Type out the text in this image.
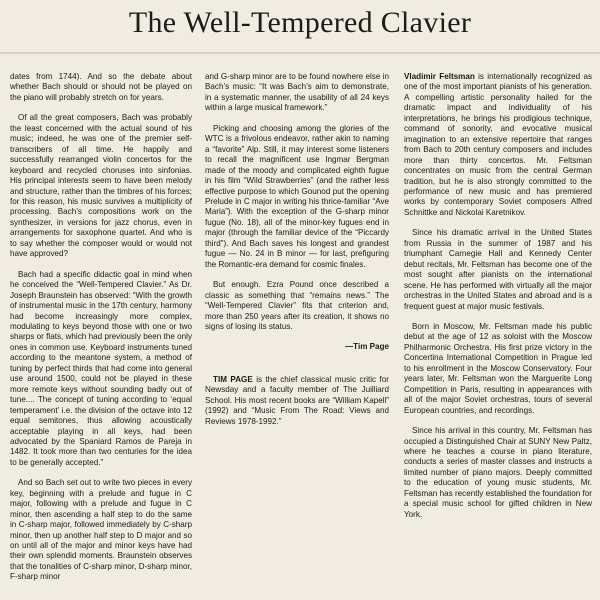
The Well-Tempered Clavier

dates from 1744). And so the debate about whether Bach should or should not be played on the piano will probably stretch on for years.

Of all the great composers, Bach was probably the least concerned with the actual sound of his music; indeed, he was one of the premier self-transcribers of all time. He happily and successfully rearranged violin concertos for the keyboard and recycled choruses into sinfonias. His principal interests seem to have been melody and structure, rather than the timbres of his forces; for this reason, his music survives a multiplicity of processing. Bach’s compositions work on the synthesizer, in versions for jazz chorus, even in arrangements for saxophone quartet. And who is to say whether the composer would or would not have approved?

Bach had a specific didactic goal in mind when he conceived the “Well-Tempered Clavier.” As Dr. Joseph Braunstein has observed: “With the growth of instrumental music in the 17th century, harmony had become increasingly more complex, modulating to keys beyond those with one or two sharps or flats, which had previously been the only ones in common use. Keyboard instruments tuned according to the meantone system, a method of tuning by perfect thirds that had come into general use around 1500, could not be played in these more remote keys without sounding badly out of tune.... The concept of tuning according to ‘equal temperament’ i.e. the division of the octave into 12 equal semitones, thus allowing acoustically acceptable playing in all keys, had been advocated by the Spaniard Ramos de Pareja in 1482. It took more than two centuries for the idea to be generally accepted.”

And so Bach set out to write two pieces in every key, beginning with a prelude and fugue in C major, following with a prelude and fugue in C minor, then ascending a half step to do the same in C-sharp major, followed immediately by C-sharp minor, then up another half step to D major and so on until all of the major and minor keys have had their own splendid moments. Braunstein observes that the tonalities of C-sharp minor, D-sharp minor, F-sharp minor

and G-sharp minor are to be found nowhere else in Bach’s music: “It was Bach’s aim to demonstrate, in a systematic manner, the usability of all 24 keys within a large musical framework.”

Picking and choosing among the glories of the WTC is a frivolous endeavor, rather akin to naming a “favorite” Alp. Still, it may interest some listeners to recall the magnificent use Ingmar Bergman made of the moody and complicated eighth fugue in his film “Wild Strawberries” (and the rather less effective purpose to which Gounod put the opening Prelude in C major in writing his thrice-familiar “Ave Maria”). With the exception of the G-sharp minor fugue (No. 18), all of the minor-key fugues end in major (through the familiar device of the “Piccardy third”). And Bach saves his longest and grandest fugue — No. 24 in B minor — for last, prefiguring the Romantic-era demand for cosmic finales.

But enough. Ezra Pound once described a classic as something that “remains news.” The “Well-Tempered Clavier” fits that criterion and, more than 250 years after its creation, it shows no signs of losing its status.

—Tim Page

TIM PAGE is the chief classical music critic for Newsday and a faculty member of The Juilliard School. His most recent books are “William Kapell” (1992) and “Music From The Road: Views and Reviews 1978-1992.”

Vladimir Feltsman is internationally recognized as one of the most important pianists of his generation. A compelling artistic personality hailed for the dramatic impact and individuality of his interpretations, he brings his prodigious technique, command of sonority, and evocative musical imagination to an extensive repertoire that ranges from Bach to 20th century composers and includes more than thirty concertos. Mr. Feltsman concentrates on music from the central German tradition, but he is also strongly committed to the performance of new music and has premiered works by contemporary Soviet composers Alfred Schnittke and Nickolai Karetnikov.

Since his dramatic arrival in the United States from Russia in the summer of 1987 and his triumphant Carnegie Hall and Kennedy Center debut recitals, Mr. Feltsman has become one of the most sought after pianists on the international scene. He has performed with virtually all the major orchestras in the United States and abroad and is a frequent guest at major music festivals.

Born in Moscow, Mr. Feltsman made his public debut at the age of 12 as soloist with the Moscow Philharmonic Orchestra. His first prize victory in the Concertina International Competition in Prague led to his enrollment in the Moscow Conservatory. Four years later, Mr. Feltsman won the Marguerite Long Competition in Paris, resulting in appearances with all of the major Soviet orchestras, tours of several European countries, and recordings.

Since his arrival in this country, Mr. Feltsman has occupied a Distinguished Chair at SUNY New Paltz, where he teaches a course in piano literature, conducts a series of master classes and instructs a limited number of piano majors. Deeply committed to the education of young music students, Mr. Feltsman has recently established the foundation for a special music school for gifted children in New York.
